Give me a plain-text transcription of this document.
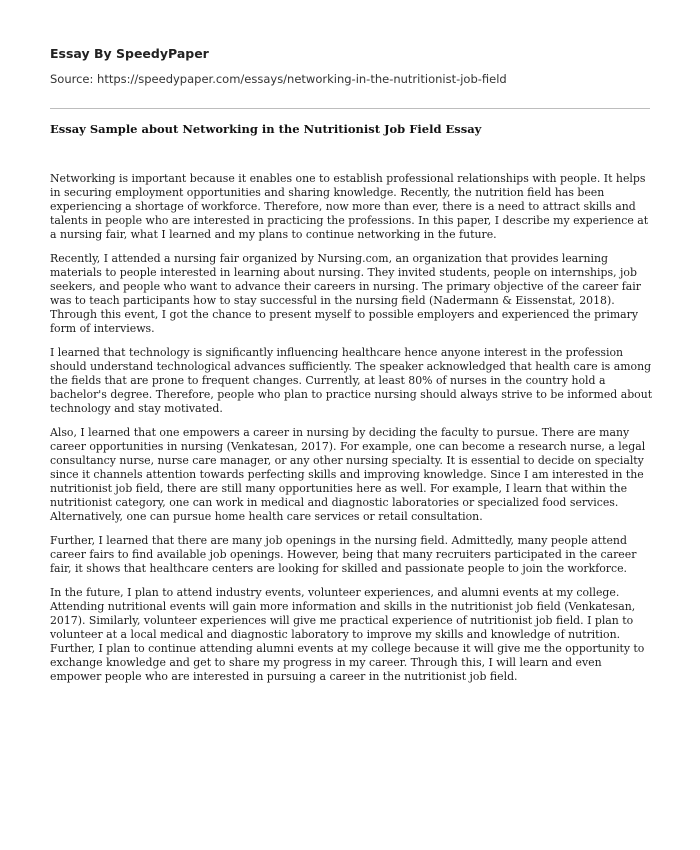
Essay By SpeedyPaper
Source: https://speedypaper.com/essays/networking-in-the-nutritionist-job-field
Essay Sample about Networking in the Nutritionist Job Field Essay

Networking is important because it enables one to establish professional relationships with people. It helps in securing employment opportunities and sharing knowledge. Recently, the nutrition field has been experiencing a shortage of workforce. Therefore, now more than ever, there is a need to attract skills and talents in people who are interested in practicing the professions. In this paper, I describe my experience at a nursing fair, what I learned and my plans to continue networking in the future.

Recently, I attended a nursing fair organized by Nursing.com, an organization that provides learning materials to people interested in learning about nursing. They invited students, people on internships, job seekers, and people who want to advance their careers in nursing. The primary objective of the career fair was to teach participants how to stay successful in the nursing field (Nadermann & Eissenstat, 2018). Through this event, I got the chance to present myself to possible employers and experienced the primary form of interviews.

I learned that technology is significantly influencing healthcare hence anyone interest in the profession should understand technological advances sufficiently. The speaker acknowledged that health care is among the fields that are prone to frequent changes. Currently, at least 80% of nurses in the country hold a bachelor's degree. Therefore, people who plan to practice nursing should always strive to be informed about technology and stay motivated.

Also, I learned that one empowers a career in nursing by deciding the faculty to pursue. There are many career opportunities in nursing (Venkatesan, 2017). For example, one can become a research nurse, a legal consultancy nurse, nurse care manager, or any other nursing specialty. It is essential to decide on specialty since it channels attention towards perfecting skills and improving knowledge. Since I am interested in the nutritionist job field, there are still many opportunities here as well. For example, I learn that within the nutritionist category, one can work in medical and diagnostic laboratories or specialized food services. Alternatively, one can pursue home health care services or retail consultation.

Further, I learned that there are many job openings in the nursing field. Admittedly, many people attend career fairs to find available job openings. However, being that many recruiters participated in the career fair, it shows that healthcare centers are looking for skilled and passionate people to join the workforce.

In the future, I plan to attend industry events, volunteer experiences, and alumni events at my college. Attending nutritional events will gain more information and skills in the nutritionist job field (Venkatesan, 2017). Similarly, volunteer experiences will give me practical experience of nutritionist job field. I plan to volunteer at a local medical and diagnostic laboratory to improve my skills and knowledge of nutrition. Further, I plan to continue attending alumni events at my college because it will give me the opportunity to exchange knowledge and get to share my progress in my career. Through this, I will learn and even empower people who are interested in pursuing a career in the nutritionist job field.
